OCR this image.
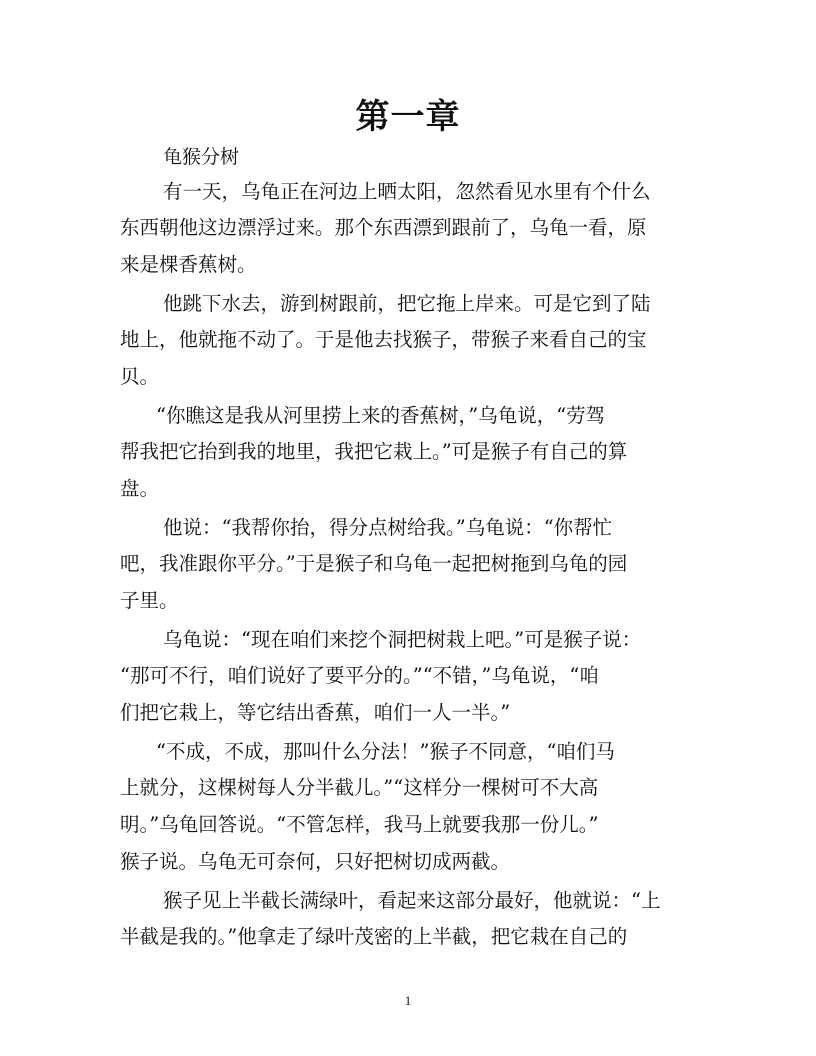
第一章
龟猴分树
有一天，乌龟正在河边上晒太阳，忽然看见水里有个什么
东西朝他这边漂浮过来。那个东西漂到跟前了，乌龟一看，原
来是棵香蕉树。
他跳下水去，游到树跟前，把它拖上岸来。可是它到了陆
地上，他就拖不动了。于是他去找猴子，带猴子来看自己的宝
贝。
“你瞧这是我从河里捞上来的香蕉树，”乌龟说，“劳驾
帮我把它抬到我的地里，我把它栽上。”可是猴子有自己的算
盘。
他说：“我帮你抬，得分点树给我。”乌龟说：“你帮忙
吧，我准跟你平分。”于是猴子和乌龟一起把树拖到乌龟的园
子里。
乌龟说：“现在咱们来挖个洞把树栽上吧。”可是猴子说：
“那可不行，咱们说好了要平分的。”“不错，”乌龟说，“咱
们把它栽上，等它结出香蕉，咱们一人一半。”
“不成，不成，那叫什么分法！”猴子不同意，“咱们马
上就分，这棵树每人分半截儿。”“这样分一棵树可不大高
明。”乌龟回答说。“不管怎样，我马上就要我那一份儿。”
猴子说。乌龟无可奈何，只好把树切成两截。
猴子见上半截长满绿叶，看起来这部分最好，他就说：“上
半截是我的。”他拿走了绿叶茂密的上半截，把它栽在自己的
1
